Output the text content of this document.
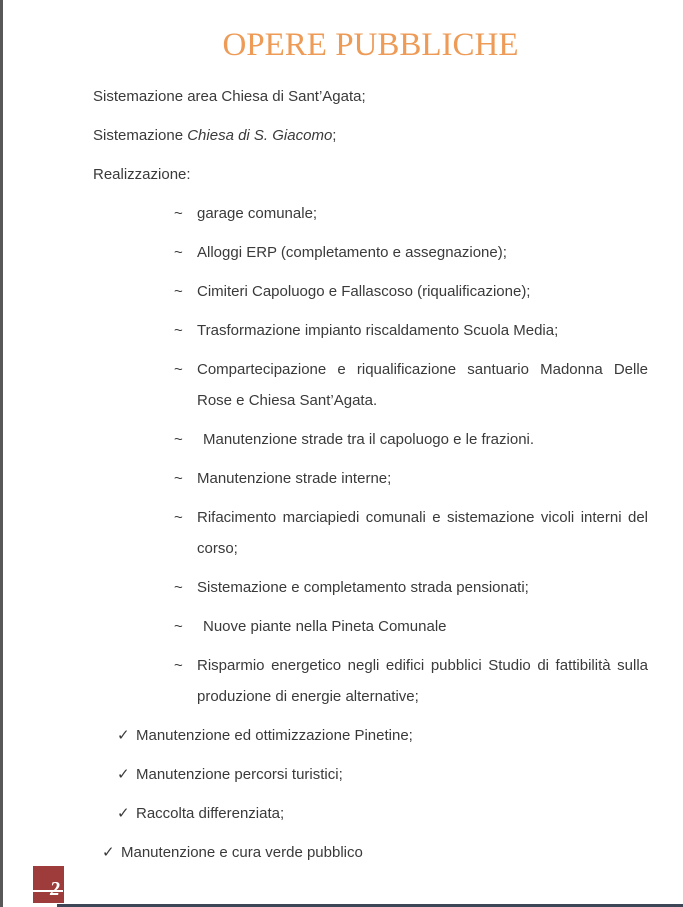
OPERE PUBBLICHE

Sistemazione area Chiesa di Sant’Agata;

Sistemazione Chiesa di S. Giacomo;

Realizzazione:

~ garage comunale;
~ Alloggi ERP (completamento e assegnazione);
~ Cimiteri Capoluogo e Fallascoso (riqualificazione);
~ Trasformazione impianto riscaldamento Scuola Media;
~ Compartecipazione e riqualificazione santuario Madonna Delle Rose e Chiesa Sant’Agata.
~	Manutenzione strade tra il capoluogo e le frazioni.
~ Manutenzione strade interne;
~ Rifacimento marciapiedi comunali e sistemazione vicoli interni del corso;
~ Sistemazione e completamento strada pensionati;
~	Nuove piante nella Pineta Comunale
~ Risparmio energetico negli edifici pubblici Studio di fattibilità sulla produzione di energie alternative;
✓ Manutenzione ed ottimizzazione Pinetine;
✓ Manutenzione percorsi turistici;
✓ Raccolta differenziata;
✓ Manutenzione e cura verde pubblico
2
